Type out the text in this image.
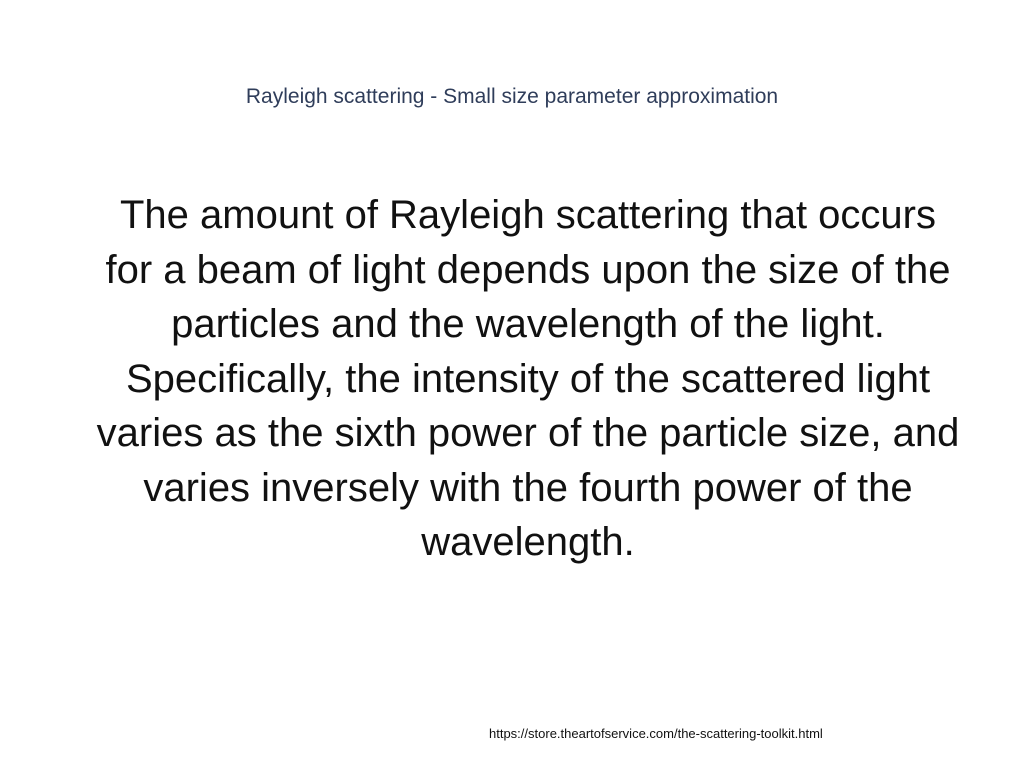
Rayleigh scattering - Small size parameter approximation

The amount of Rayleigh scattering that occurs for a beam of light depends upon the size of the particles and the wavelength of the light. Specifically, the intensity of the scattered light varies as the sixth power of the particle size, and varies inversely with the fourth power of the wavelength.

https://store.theartofservice.com/the-scattering-toolkit.html
